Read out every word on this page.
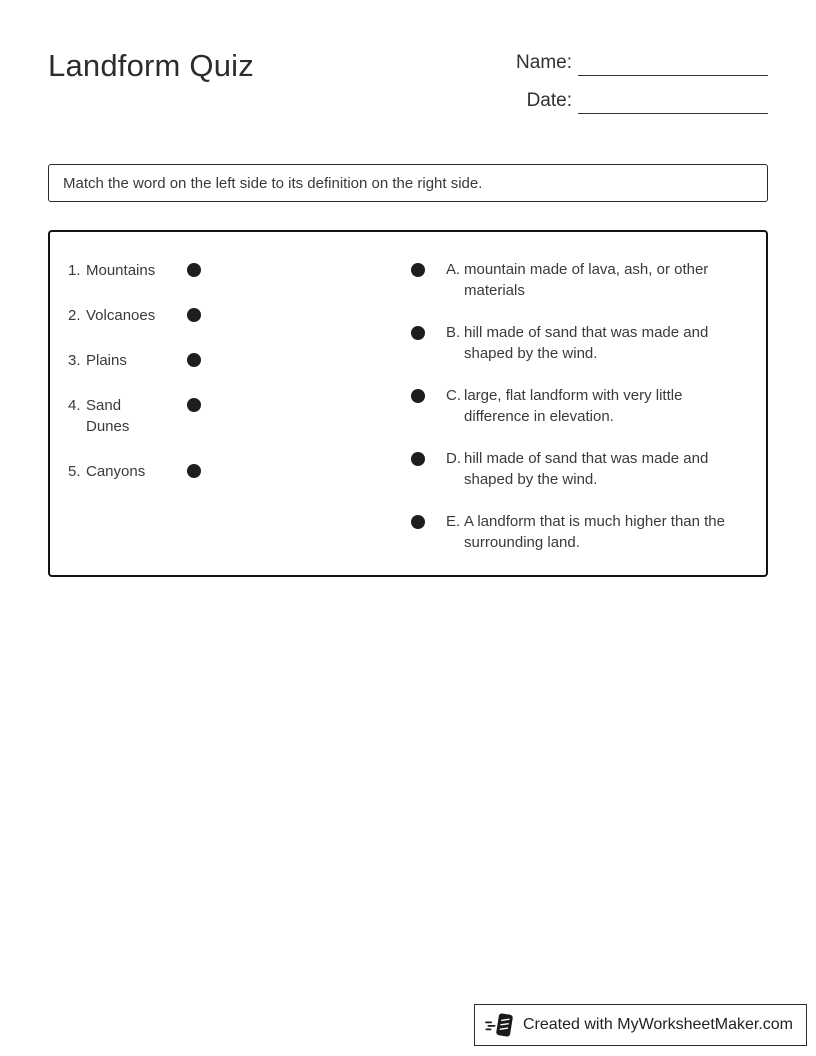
Landform Quiz	Name:
Date:
Match the word on the left side to its definition on the right side.
1. Mountains
2. Volcanoes
3. Plains
4. Sand Dunes
5. Canyons
A. mountain made of lava, ash, or other materials
B. hill made of sand that was made and shaped by the wind.
C. large, flat landform with very little difference in elevation.
D. hill made of sand that was made and shaped by the wind.
E. A landform that is much higher than the surrounding land.
Created with MyWorksheetMaker.com
